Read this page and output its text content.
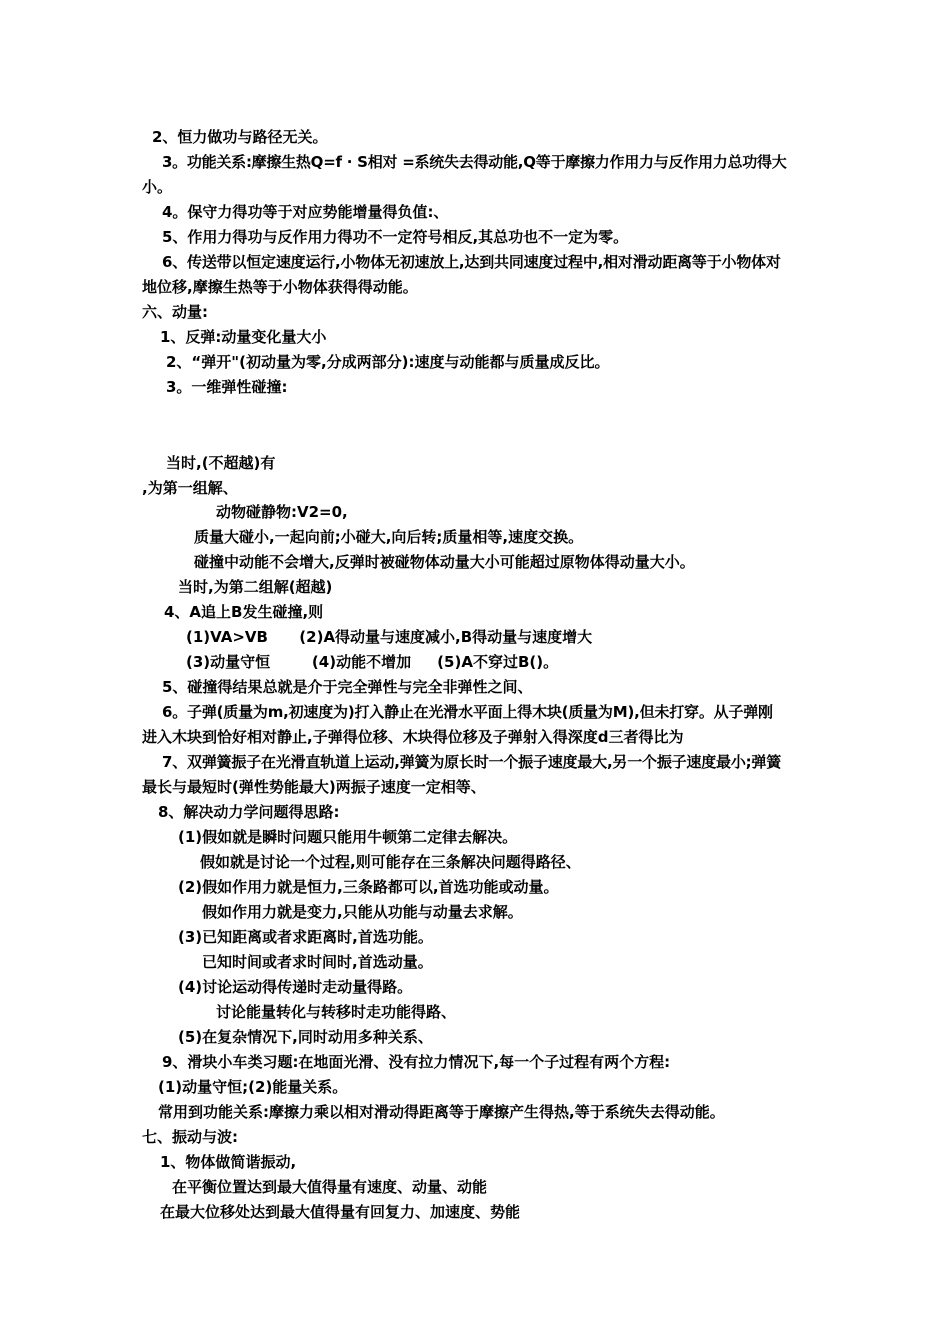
2、恒力做功与路径无关。
3。功能关系:摩擦生热Q=f · S相对 =系统失去得动能,Q等于摩擦力作用力与反作用力总功得大
小。
4。保守力得功等于对应势能增量得负值:、
5、作用力得功与反作用力得功不一定符号相反,其总功也不一定为零。
6、传送带以恒定速度运行,小物体无初速放上,达到共同速度过程中,相对滑动距离等于小物体对
地位移,摩擦生热等于小物体获得得动能。
六、动量:
1、反弹:动量变化量大小
2、“弹开"(初动量为零,分成两部分):速度与动能都与质量成反比。
3。一维弹性碰撞:
当时,(不超越)有
,为第一组解、
动物碰静物:V2=0,
质量大碰小,一起向前;小碰大,向后转;质量相等,速度交换。
碰撞中动能不会增大,反弹时被碰物体动量大小可能超过原物体得动量大小。
当时,为第二组解(超越)
4、A追上B发生碰撞,则
(1)VA>VB      (2)A得动量与速度减小,B得动量与速度增大
(3)动量守恒        (4)动能不增加     (5)A不穿过B()。
5、碰撞得结果总就是介于完全弹性与完全非弹性之间、
6。子弹(质量为m,初速度为)打入静止在光滑水平面上得木块(质量为M),但未打穿。从子弹刚
进入木块到恰好相对静止,子弹得位移、木块得位移及子弹射入得深度d三者得比为
7、双弹簧振子在光滑直轨道上运动,弹簧为原长时一个振子速度最大,另一个振子速度最小;弹簧
最长与最短时(弹性势能最大)两振子速度一定相等、
8、解决动力学问题得思路:
(1)假如就是瞬时问题只能用牛顿第二定律去解决。
假如就是讨论一个过程,则可能存在三条解决问题得路径、
(2)假如作用力就是恒力,三条路都可以,首选功能或动量。
假如作用力就是变力,只能从功能与动量去求解。
(3)已知距离或者求距离时,首选功能。
已知时间或者求时间时,首选动量。
(4)讨论运动得传递时走动量得路。
讨论能量转化与转移时走功能得路、
(5)在复杂情况下,同时动用多种关系、
9、滑块小车类习题:在地面光滑、没有拉力情况下,每一个子过程有两个方程:
(1)动量守恒;(2)能量关系。
常用到功能关系:摩擦力乘以相对滑动得距离等于摩擦产生得热,等于系统失去得动能。
七、振动与波:
1、物体做简谐振动,
在平衡位置达到最大值得量有速度、动量、动能
在最大位移处达到最大值得量有回复力、加速度、势能
